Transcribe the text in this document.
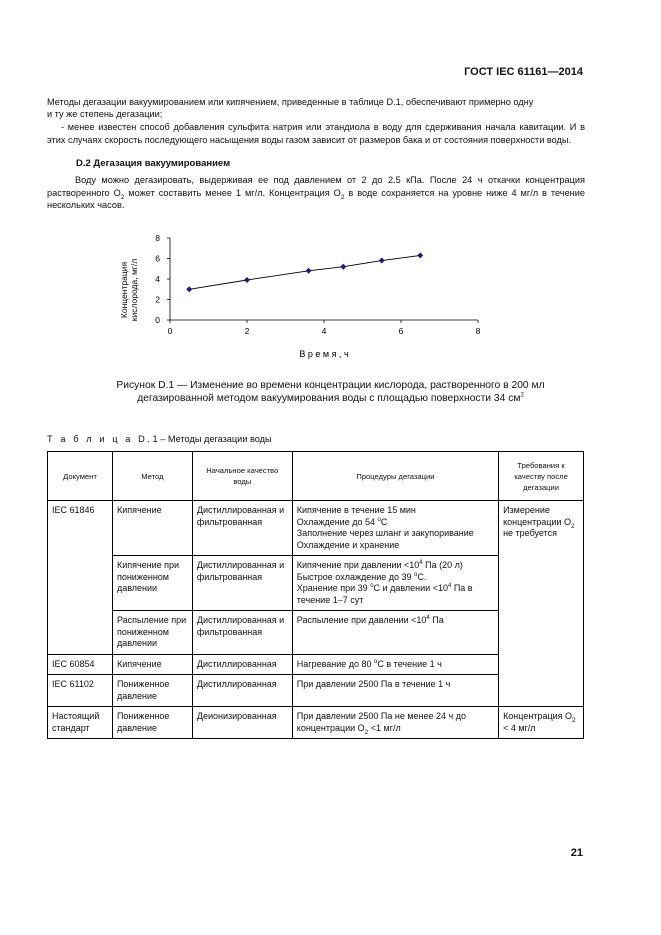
ГОСТ IEC 61161—2014
Методы дегазации вакуумированием или кипячением, приведенные в таблице D.1, обеспечивают примерно одну
и ту же степень дегазации;
- менее известен способ добавления сульфита натрия или этандиола в воду для сдерживания начала кавитации. И в этих случаях скорость последующего насыщения воды газом зависит от размеров бака и от состояния поверхности воды.
D.2 Дегазация вакуумированием
Воду можно дегазировать, выдерживая ее под давлением от 2 до 2.5 кПа. После 24 ч откачки концентрация растворенного $O_2$ может составить менее 1 мг/л. Концентрация $O_2$ в воде сохраняется на уровне ниже 4 мг/л в течение нескольких часов.
0
2
4
6
8
0	2	4	6	8
Концентрация кислорода, мг/л
В р е м я , ч
Рисунок D.1 — Изменение во времени концентрации кислорода, растворенного в 200 мл
дегазированной методом вакуумирования воды с площадью поверхности 34 $см^2$
Т а б л и ц а D.1– Методы дегазации воды
Документ	Метод	Начальное качество воды	Процедуры дегазации	Требования к качеству после дегазации
IEC 61846	Кипячение	Дистиллированная и фильтрованная	Кипячение в течение 15 мин
Охлаждение до 54 $^о$С
Заполнение через шланг и закупоривание
Охлаждение и хранение	Измерение концентрации $O_2$ не требуется
	Кипячение при пониженном давлении	Дистиллированная и фильтрованная	Кипячение при давлении $<10^4$ Па (20 л)
Быстрое охлаждение до 39 $^о$С.
Хранение при 39 $^о$С и давлении $<10^4$ Па в течение 1–7 сут	

	Распыление при пониженном давлении	Дистиллированная и фильтрованная	Распыление при давлении $<10^4$ Па	
IEC 60854	Кипячение	Дистиллированная	Нагревание до 80 $^о$С в течение 1 ч	
IEC 61102	Пониженное давление	Дистиллированная	При давлении 2500 Па в течение 1 ч	
Настоящий стандарт	Пониженное давление	Деионизированная	При давлении 2500 Па не менее 24 ч до концентрации $O_2 <1$ мг/л	Концентрация $O_2 < 4$ мг/л
21
